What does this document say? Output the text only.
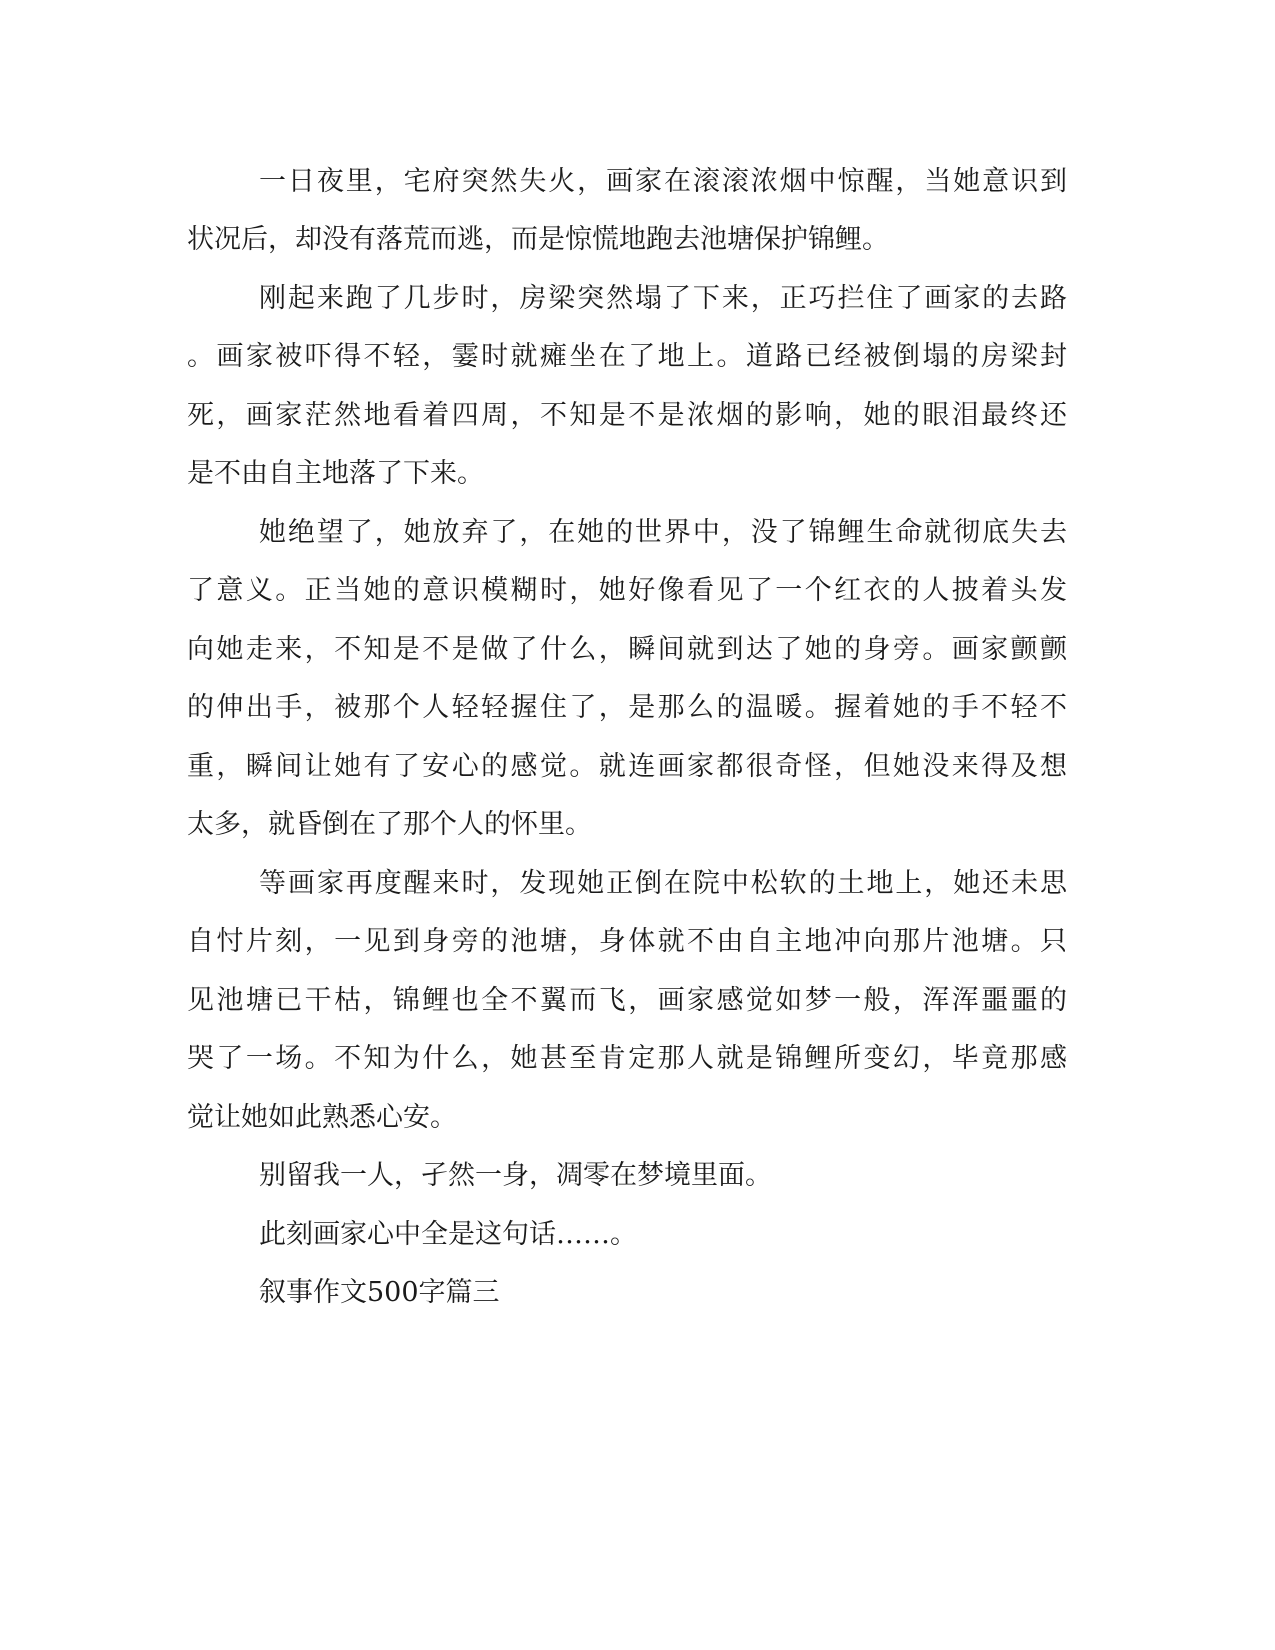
一日夜里，宅府突然失火，画家在滚滚浓烟中惊醒，当她意识到
状况后，却没有落荒而逃，而是惊慌地跑去池塘保护锦鲤。
刚起来跑了几步时，房梁突然塌了下来，正巧拦住了画家的去路
。画家被吓得不轻，霎时就瘫坐在了地上。道路已经被倒塌的房梁封
死，画家茫然地看着四周，不知是不是浓烟的影响，她的眼泪最终还
是不由自主地落了下来。
她绝望了，她放弃了，在她的世界中，没了锦鲤生命就彻底失去
了意义。正当她的意识模糊时，她好像看见了一个红衣的人披着头发
向她走来，不知是不是做了什么，瞬间就到达了她的身旁。画家颤颤
的伸出手，被那个人轻轻握住了，是那么的温暖。握着她的手不轻不
重，瞬间让她有了安心的感觉。就连画家都很奇怪，但她没来得及想
太多，就昏倒在了那个人的怀里。
等画家再度醒来时，发现她正倒在院中松软的土地上，她还未思
自忖片刻，一见到身旁的池塘，身体就不由自主地冲向那片池塘。只
见池塘已干枯，锦鲤也全不翼而飞，画家感觉如梦一般，浑浑噩噩的
哭了一场。不知为什么，她甚至肯定那人就是锦鲤所变幻，毕竟那感
觉让她如此熟悉心安。
别留我一人，孑然一身，凋零在梦境里面。
此刻画家心中全是这句话……。
叙事作文500字篇三
